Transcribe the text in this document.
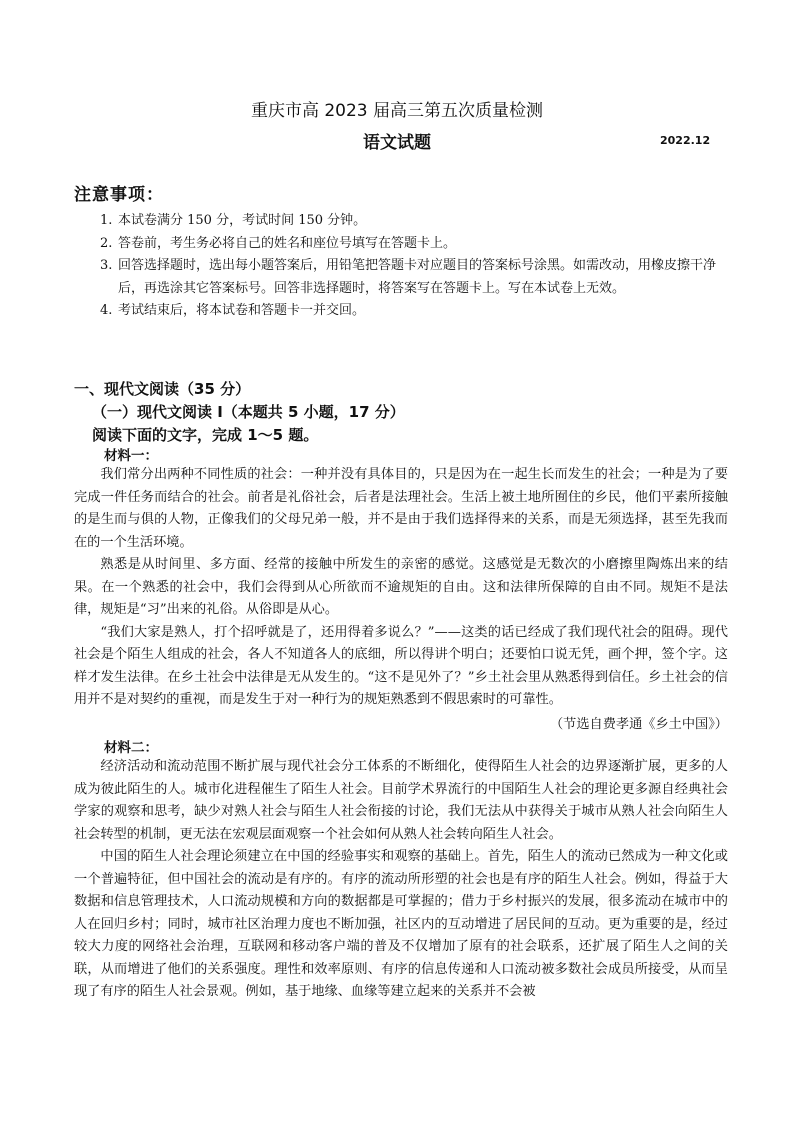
重庆市高 2023 届高三第五次质量检测
语文试题	2022.12
注意事项：
1. 本试卷满分 150 分，考试时间 150 分钟。
2. 答卷前，考生务必将自己的姓名和座位号填写在答题卡上。
3. 回答选择题时，选出每小题答案后，用铅笔把答题卡对应题目的答案标号涂黑。如需改动，用橡皮擦干净后，再选涂其它答案标号。回答非选择题时，将答案写在答题卡上。写在本试卷上无效。
4. 考试结束后，将本试卷和答题卡一并交回。
一、现代文阅读（35 分）
（一）现代文阅读 I（本题共 5 小题，17 分）
阅读下面的文字，完成 1～5 题。
材料一：

我们常分出两种不同性质的社会：一种并没有具体目的，只是因为在一起生长而发生的社会；一种是为了要完成一件任务而结合的社会。前者是礼俗社会，后者是法理社会。生活上被土地所囿住的乡民，他们平素所接触的是生而与俱的人物，正像我们的父母兄弟一般，并不是由于我们选择得来的关系，而是无须选择，甚至先我而在的一个生活环境。

熟悉是从时间里、多方面、经常的接触中所发生的亲密的感觉。这感觉是无数次的小磨擦里陶炼出来的结果。在一个熟悉的社会中，我们会得到从心所欲而不逾规矩的自由。这和法律所保障的自由不同。规矩不是法律，规矩是“习”出来的礼俗。从俗即是从心。

“我们大家是熟人，打个招呼就是了，还用得着多说么？”——这类的话已经成了我们现代社会的阻碍。现代社会是个陌生人组成的社会，各人不知道各人的底细，所以得讲个明白；还要怕口说无凭，画个押，签个字。这样才发生法律。在乡土社会中法律是无从发生的。“这不是见外了？”乡土社会里从熟悉得到信任。乡土社会的信用并不是对契约的重视，而是发生于对一种行为的规矩熟悉到不假思索时的可靠性。

（节选自费孝通《乡土中国》）
材料二：

经济活动和流动范围不断扩展与现代社会分工体系的不断细化，使得陌生人社会的边界逐渐扩展，更多的人成为彼此陌生的人。城市化进程催生了陌生人社会。目前学术界流行的中国陌生人社会的理论更多源自经典社会学家的观察和思考，缺少对熟人社会与陌生人社会衔接的讨论，我们无法从中获得关于城市从熟人社会向陌生人社会转型的机制，更无法在宏观层面观察一个社会如何从熟人社会转向陌生人社会。

中国的陌生人社会理论须建立在中国的经验事实和观察的基础上。首先，陌生人的流动已然成为一种文化或一个普遍特征，但中国社会的流动是有序的。有序的流动所形塑的社会也是有序的陌生人社会。例如，得益于大数据和信息管理技术，人口流动规模和方向的数据都是可掌握的；借力于乡村振兴的发展，很多流动在城市中的人在回归乡村；同时，城市社区治理力度也不断加强，社区内的互动增进了居民间的互动。更为重要的是，经过较大力度的网络社会治理，互联网和移动客户端的普及不仅增加了原有的社会联系，还扩展了陌生人之间的关联，从而增进了他们的关系强度。理性和效率原则、有序的信息传递和人口流动被多数社会成员所接受，从而呈现了有序的陌生人社会景观。例如，基于地缘、血缘等建立起来的关系并不会被
